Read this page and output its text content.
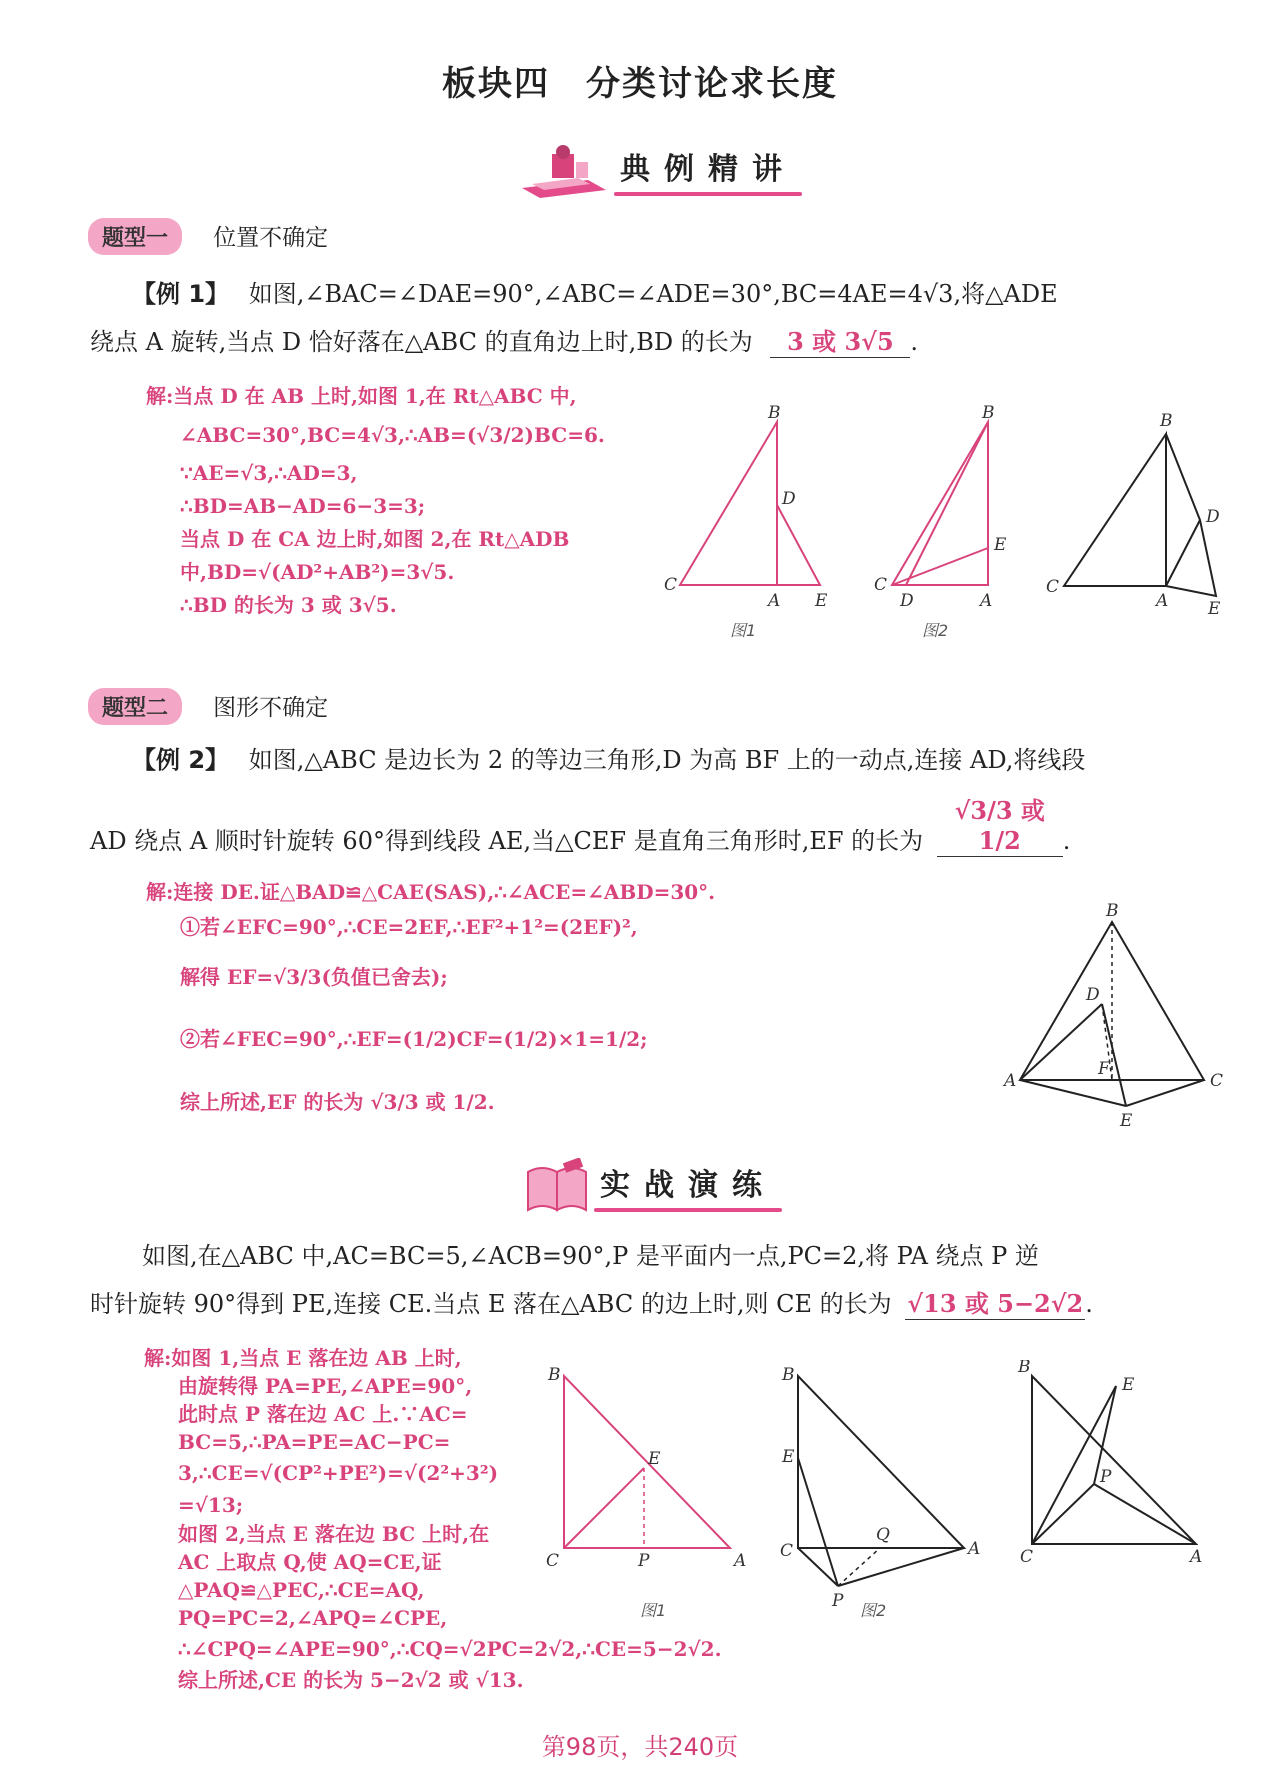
板块四 分类讨论求长度
典例精讲
题型一 位置不确定
【例 1】 如图,∠BAC=∠DAE=90°,∠ABC=∠ADE=30°,BC=4AE=4√3,将△ADE
绕点 A 旋转,当点 D 恰好落在△ABC 的直角边上时,BD 的长为 3 或 3√5 .
解:当点 D 在 AB 上时,如图 1,在 Rt△ABC 中,
∠ABC=30°,BC=4√3,∴AB=(√3/2)BC=6.
∵AE=√3,∴AD=3,
∴BD=AB−AD=6−3=3;
当点 D 在 CA 边上时,如图 2,在 Rt△ADB
中,BD=√(AD²+AB²)=3√5.
∴BD 的长为 3 或 3√5.
B
D
C
A E
图1
B
E
C
D	A
图2
B
D
C
A E
题型二 图形不确定
【例 2】 如图,△ABC 是边长为 2 的等边三角形,D 为高 BF 上的一动点,连接 AD,将线段
AD 绕点 A 顺时针旋转 60°得到线段 AE,当△CEF 是直角三角形时,EF 的长为 √3/3 或 1/2 .
解:连接 DE.证△BAD≌△CAE(SAS),∴∠ACE=∠ABD=30°.
①若∠EFC=90°,∴CE=2EF,∴EF²+1²=(2EF)²,
解得 EF=√3/3(负值已舍去);
②若∠FEC=90°,∴EF=(1/2)CF=(1/2)×1=1/2;
综上所述,EF 的长为 √3/3 或 1/2.
B
D
A
F
C
E
实战演练
如图,在△ABC 中,AC=BC=5,∠ACB=90°,P 是平面内一点,PC=2,将 PA 绕点 P 逆
时针旋转 90°得到 PE,连接 CE.当点 E 落在△ABC 的边上时,则 CE 的长为 √13 或 5−2√2.
解:如图 1,当点 E 落在边 AB 上时,
由旋转得 PA=PE,∠APE=90°,
此时点 P 落在边 AC 上.∵AC=
BC=5,∴PA=PE=AC−PC=
3,∴CE=√(CP²+PE²)=√(2²+3²)
=√13;
如图 2,当点 E 落在边 BC 上时,在
AC 上取点 Q,使 AQ=CE,证
△PAQ≌△PEC,∴CE=AQ,
PQ=PC=2,∠APQ=∠CPE,
∴∠CPQ=∠APE=90°,∴CQ=√2PC=2√2,∴CE=5−2√2.
综上所述,CE 的长为 5−2√2 或 √13.
B
E
C	P	A
图1
B
E
C
Q
A
P 图2
B
E
P
C	A
第98页，共240页
